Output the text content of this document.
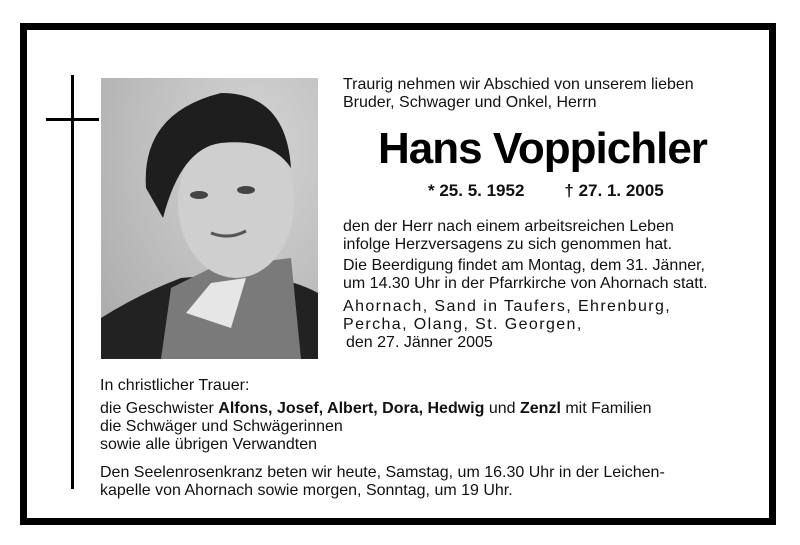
Traurig nehmen wir Abschied von unserem lieben
Bruder, Schwager und Onkel, Herrn
Hans Voppichler
* 25. 5. 1952 † 27. 1. 2005
den der Herr nach einem arbeitsreichen Leben
infolge Herzversagens zu sich genommen hat.
Die Beerdigung findet am Montag, dem 31. Jänner,
um 14.30 Uhr in der Pfarrkirche von Ahornach statt.
Ahornach, Sand in Taufers, Ehrenburg,
Percha, Olang, St. Georgen,
den 27. Jänner 2005
In christlicher Trauer:
die Geschwister Alfons, Josef, Albert, Dora, Hedwig und Zenzl mit Familien
die Schwäger und Schwägerinnen
sowie alle übrigen Verwandten
Den Seelenrosenkranz beten wir heute, Samstag, um 16.30 Uhr in der Leichen-
kapelle von Ahornach sowie morgen, Sonntag, um 19 Uhr.
